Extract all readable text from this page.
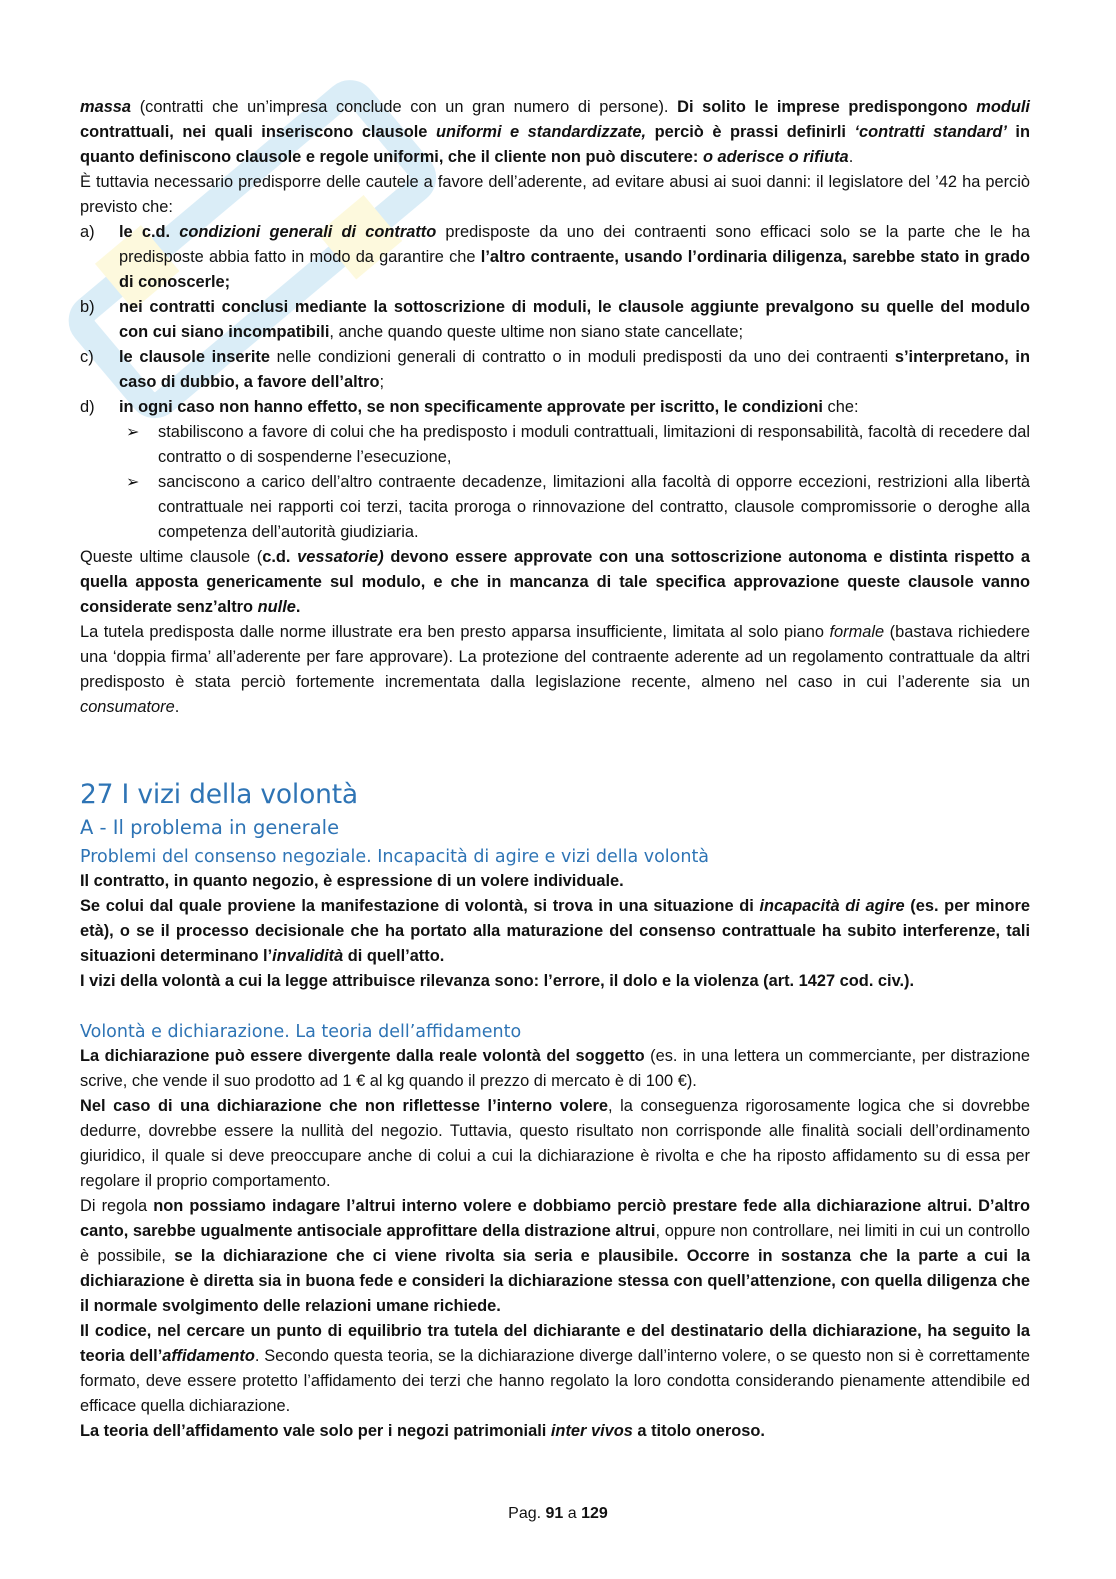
massa (contratti che un’impresa conclude con un gran numero di persone). Di solito le imprese predispongono moduli contrattuali, nei quali inseriscono clausole uniformi e standardizzate, perciò è prassi definirli ‘contratti standard’ in quanto definiscono clausole e regole uniformi, che il cliente non può discutere: o aderisce o rifiuta.

È tuttavia necessario predisporre delle cautele a favore dell’aderente, ad evitare abusi ai suoi danni: il legislatore del ’42 ha perciò previsto che:

a)	le c.d. condizioni generali di contratto predisposte da uno dei contraenti sono efficaci solo se la parte che le ha predisposte abbia fatto in modo da garantire che l’altro contraente, usando l’ordinaria diligenza, sarebbe stato in grado di conoscerle;
b)	nei contratti conclusi mediante la sottoscrizione di moduli, le clausole aggiunte prevalgono su quelle del modulo con cui siano incompatibili, anche quando queste ultime non siano state cancellate;
c)	le clausole inserite nelle condizioni generali di contratto o in moduli predisposti da uno dei contraenti s’interpretano, in caso di dubbio, a favore dell’altro;
d)	in ogni caso non hanno effetto, se non specificamente approvate per iscritto, le condizioni che:
➢ stabiliscono a favore di colui che ha predisposto i moduli contrattuali, limitazioni di responsabilità, facoltà di recedere dal contratto o di sospenderne l’esecuzione,
➢ sanciscono a carico dell’altro contraente decadenze, limitazioni alla facoltà di opporre eccezioni, restrizioni alla libertà contrattuale nei rapporti coi terzi, tacita proroga o rinnovazione del contratto, clausole compromissorie o deroghe alla competenza dell’autorità giudiziaria.

Queste ultime clausole (c.d. vessatorie) devono essere approvate con una sottoscrizione autonoma e distinta rispetto a quella apposta genericamente sul modulo, e che in mancanza di tale specifica approvazione queste clausole vanno considerate senz’altro nulle.

La tutela predisposta dalle norme illustrate era ben presto apparsa insufficiente, limitata al solo piano formale (bastava richiedere una ‘doppia firma’ all’aderente per fare approvare). La protezione del contraente aderente ad un regolamento contrattuale da altri predisposto è stata perciò fortemente incrementata dalla legislazione recente, almeno nel caso in cui l’aderente sia un consumatore.

27 I vizi della volontà
A - Il problema in generale
Problemi del consenso negoziale. Incapacità di agire e vizi della volontà

Il contratto, in quanto negozio, è espressione di un volere individuale.

Se colui dal quale proviene la manifestazione di volontà, si trova in una situazione di incapacità di agire (es. per minore età), o se il processo decisionale che ha portato alla maturazione del consenso contrattuale ha subito interferenze, tali situazioni determinano l’invalidità di quell’atto.

I vizi della volontà a cui la legge attribuisce rilevanza sono: l’errore, il dolo e la violenza (art. 1427 cod. civ.).

Volontà e dichiarazione. La teoria dell’affidamento

La dichiarazione può essere divergente dalla reale volontà del soggetto (es. in una lettera un commerciante, per distrazione scrive, che vende il suo prodotto ad 1 € al kg quando il prezzo di mercato è di 100 €).

Nel caso di una dichiarazione che non riflettesse l’interno volere, la conseguenza rigorosamente logica che si dovrebbe dedurre, dovrebbe essere la nullità del negozio. Tuttavia, questo risultato non corrisponde alle finalità sociali dell’ordinamento giuridico, il quale si deve preoccupare anche di colui a cui la dichiarazione è rivolta e che ha riposto affidamento su di essa per regolare il proprio comportamento.

Di regola non possiamo indagare l’altrui interno volere e dobbiamo perciò prestare fede alla dichiarazione altrui. D’altro canto, sarebbe ugualmente antisociale approfittare della distrazione altrui, oppure non controllare, nei limiti in cui un controllo è possibile, se la dichiarazione che ci viene rivolta sia seria e plausibile. Occorre in sostanza che la parte a cui la dichiarazione è diretta sia in buona fede e consideri la dichiarazione stessa con quell’attenzione, con quella diligenza che il normale svolgimento delle relazioni umane richiede.

Il codice, nel cercare un punto di equilibrio tra tutela del dichiarante e del destinatario della dichiarazione, ha seguito la teoria dell’affidamento. Secondo questa teoria, se la dichiarazione diverge dall’interno volere, o se questo non si è correttamente formato, deve essere protetto l’affidamento dei terzi che hanno regolato la loro condotta considerando pienamente attendibile ed efficace quella dichiarazione.

La teoria dell’affidamento vale solo per i negozi patrimoniali inter vivos a titolo oneroso.

Pag. 91 a 129
